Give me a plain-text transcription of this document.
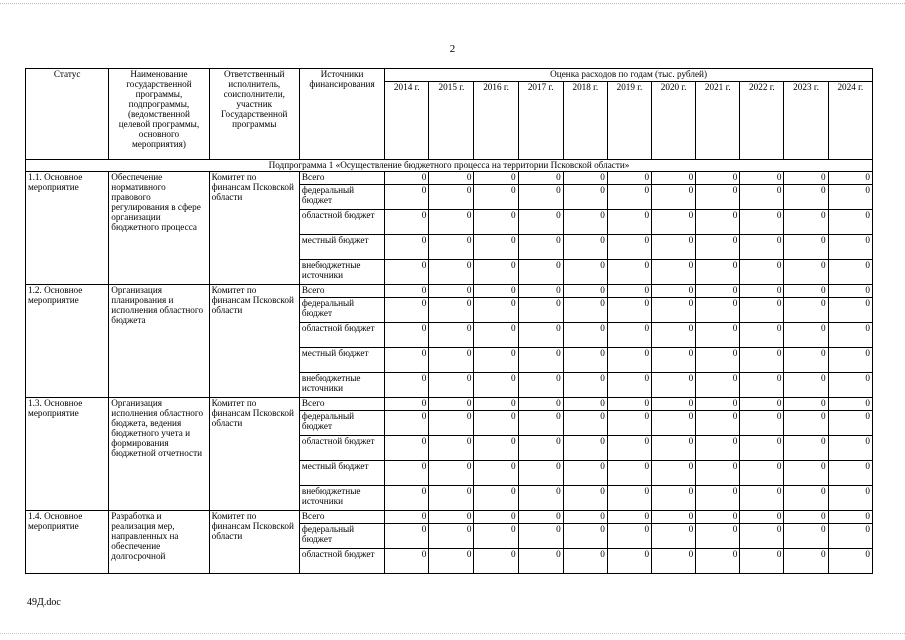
2
Статус	Наименование государственной программы, подпрограммы, (ведомственной целевой программы, основного мероприятия)	Ответственный исполнитель, соисполнители, участник Государственной программы	Источники финансирования	Оценка расходов по годам (тыс. рублей)										
				2014 г.	2015 г.	2016 г.	2017 г.	2018 г.	2019 г.	2020 г.	2021 г.	2022 г.	2023 г.	2024 г.
Подпрограмма 1 «Осуществление бюджетного процесса на территории Псковской области»														
1.1. Основное мероприятие	Обеспечение нормативного правового регулирования в сфере организации бюджетного процесса	Комитет по финансам Псковской области	Всего	0	0	0	0	0	0	0	0	0	0	0
			федеральный бюджет	0	0	0	0	0	0	0	0	0	0	0
			областной бюджет	0	0	0	0	0	0	0	0	0	0	0
			местный бюджет	0	0	0	0	0	0	0	0	0	0	0
			внебюджетные источники	0	0	0	0	0	0	0	0	0	0	0
1.2. Основное мероприятие	Организация планирования и исполнения областного бюджета	Комитет по финансам Псковской области	Всего	0	0	0	0	0	0	0	0	0	0	0
			федеральный бюджет	0	0	0	0	0	0	0	0	0	0	0
			областной бюджет	0	0	0	0	0	0	0	0	0	0	0
			местный бюджет	0	0	0	0	0	0	0	0	0	0	0
			внебюджетные источники	0	0	0	0	0	0	0	0	0	0	0
1.3. Основное мероприятие	Организация исполнения областного бюджета, ведения бюджетного учета и формирования бюджетной отчетности	Комитет по финансам Псковской области	Всего	0	0	0	0	0	0	0	0	0	0	0
			федеральный бюджет	0	0	0	0	0	0	0	0	0	0	0
			областной бюджет	0	0	0	0	0	0	0	0	0	0	0
			местный бюджет	0	0	0	0	0	0	0	0	0	0	0
			внебюджетные источники	0	0	0	0	0	0	0	0	0	0	0
1.4. Основное мероприятие	Разработка и реализация мер, направленных на обеспечение долгосрочной	Комитет по финансам Псковской области	Всего	0	0	0	0	0	0	0	0	0	0	0
			федеральный бюджет	0	0	0	0	0	0	0	0	0	0	0
			областной бюджет	0	0	0	0	0	0	0	0	0	0	0
49Д.doc
